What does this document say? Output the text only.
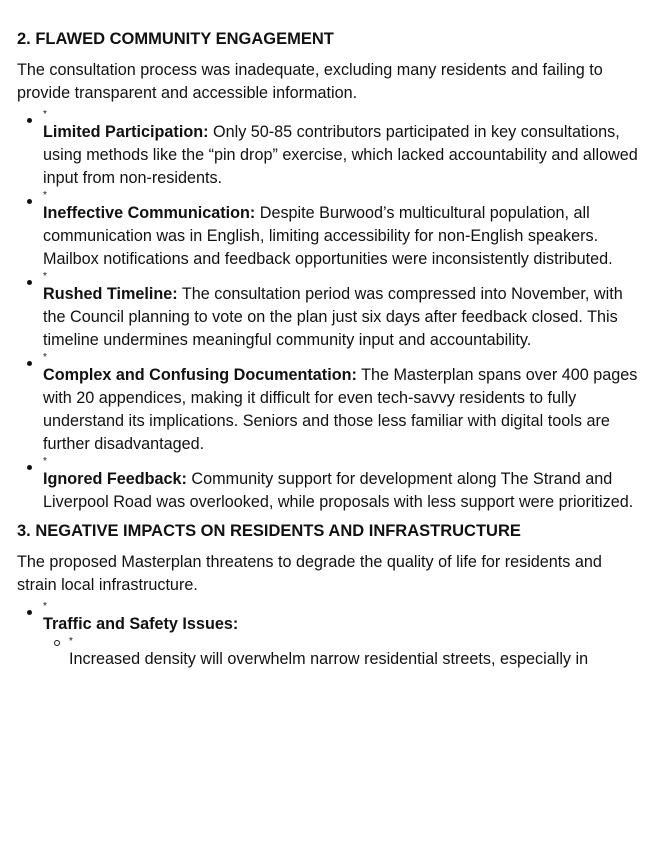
2. FLAWED COMMUNITY ENGAGEMENT

The consultation process was inadequate, excluding many residents and failing to provide transparent and accessible information.

*
Limited Participation: Only 50-85 contributors participated in key consultations, using methods like the “pin drop” exercise, which lacked accountability and allowed input from non-residents.
*
Ineffective Communication: Despite Burwood’s multicultural population, all communication was in English, limiting accessibility for non-English speakers. Mailbox notifications and feedback opportunities were inconsistently distributed.
*
Rushed Timeline: The consultation period was compressed into November, with the Council planning to vote on the plan just six days after feedback closed. This timeline undermines meaningful community input and accountability.
*
Complex and Confusing Documentation: The Masterplan spans over 400 pages with 20 appendices, making it difficult for even tech-savvy residents to fully understand its implications. Seniors and those less familiar with digital tools are further disadvantaged.
*
Ignored Feedback: Community support for development along The Strand and Liverpool Road was overlooked, while proposals with less support were prioritized.
3. NEGATIVE IMPACTS ON RESIDENTS AND INFRASTRUCTURE

The proposed Masterplan threatens to degrade the quality of life for residents and strain local infrastructure.

*
Traffic and Safety Issues:
*
Increased density will overwhelm narrow residential streets, especially in
